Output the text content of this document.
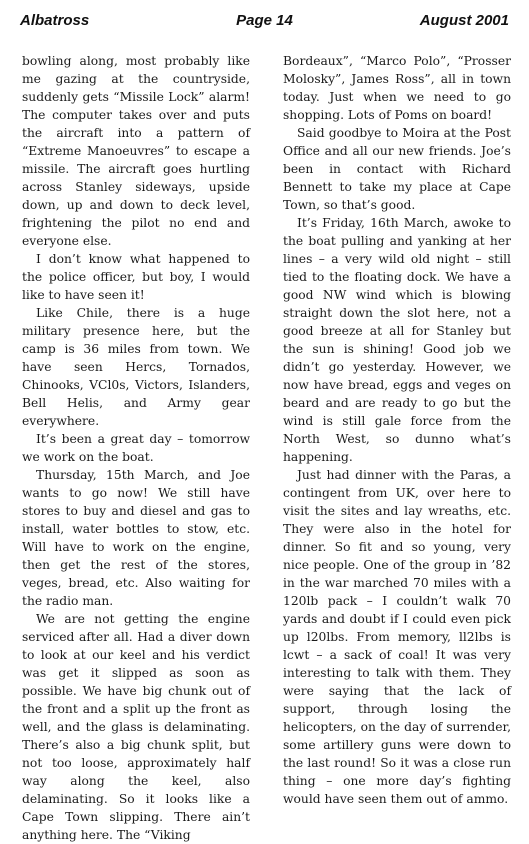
Albatross	Page 14	August 2001

bowling along, most probably like me gazing at the countryside, suddenly gets “Missile Lock” alarm! The computer takes over and puts the aircraft into a pattern of “Extreme Manoeuvres” to escape a missile. The aircraft goes hurtling across Stanley sideways, upside down, up and down to deck level, frightening the pilot no end and everyone else.

I don’t know what happened to the police officer, but boy, I would like to have seen it!

Like Chile, there is a huge military presence here, but the camp is 36 miles from town. We have seen Hercs, Tornados, Chinooks, VCl0s, Victors, Islanders, Bell Helis, and Army gear everywhere.

It’s been a great day – tomorrow we work on the boat.

Thursday, 15th March, and Joe wants to go now! We still have stores to buy and diesel and gas to install, water bottles to stow, etc. Will have to work on the engine, then get the rest of the stores, veges, bread, etc. Also waiting for the radio man.

We are not getting the engine serviced after all. Had a diver down to look at our keel and his verdict was get it slipped as soon as possible. We have big chunk out of the front and a split up the front as well, and the glass is delaminating. There’s also a big chunk split, but not too loose, approximately half way along the keel, also delaminating. So it looks like a Cape Town slipping. There ain’t anything here. The “Viking

Bordeaux”, “Marco Polo”, “Prosser Molosky”, James Ross”, all in town today. Just when we need to go shopping. Lots of Poms on board!

Said goodbye to Moira at the Post Office and all our new friends. Joe’s been in contact with Richard Bennett to take my place at Cape Town, so that’s good.

It’s Friday, 16th March, awoke to the boat pulling and yanking at her lines – a very wild old night – still tied to the floating dock. We have a good NW wind which is blowing straight down the slot here, not a good breeze at all for Stanley but the sun is shining! Good job we didn’t go yesterday. However, we now have bread, eggs and veges on beard and are ready to go but the wind is still gale force from the North West, so dunno what’s happening.

Just had dinner with the Paras, a contingent from UK, over here to visit the sites and lay wreaths, etc. They were also in the hotel for dinner. So fit and so young, very nice people. One of the group in ’82 in the war marched 70 miles with a 120lb pack – I couldn’t walk 70 yards and doubt if I could even pick up l20lbs. From memory, ll2lbs is lcwt – a sack of coal! It was very interesting to talk with them. They were saying that the lack of support, through losing the helicopters, on the day of surrender, some artillery guns were down to the last round! So it was a close run thing – one more day’s fighting would have seen them out of ammo.
